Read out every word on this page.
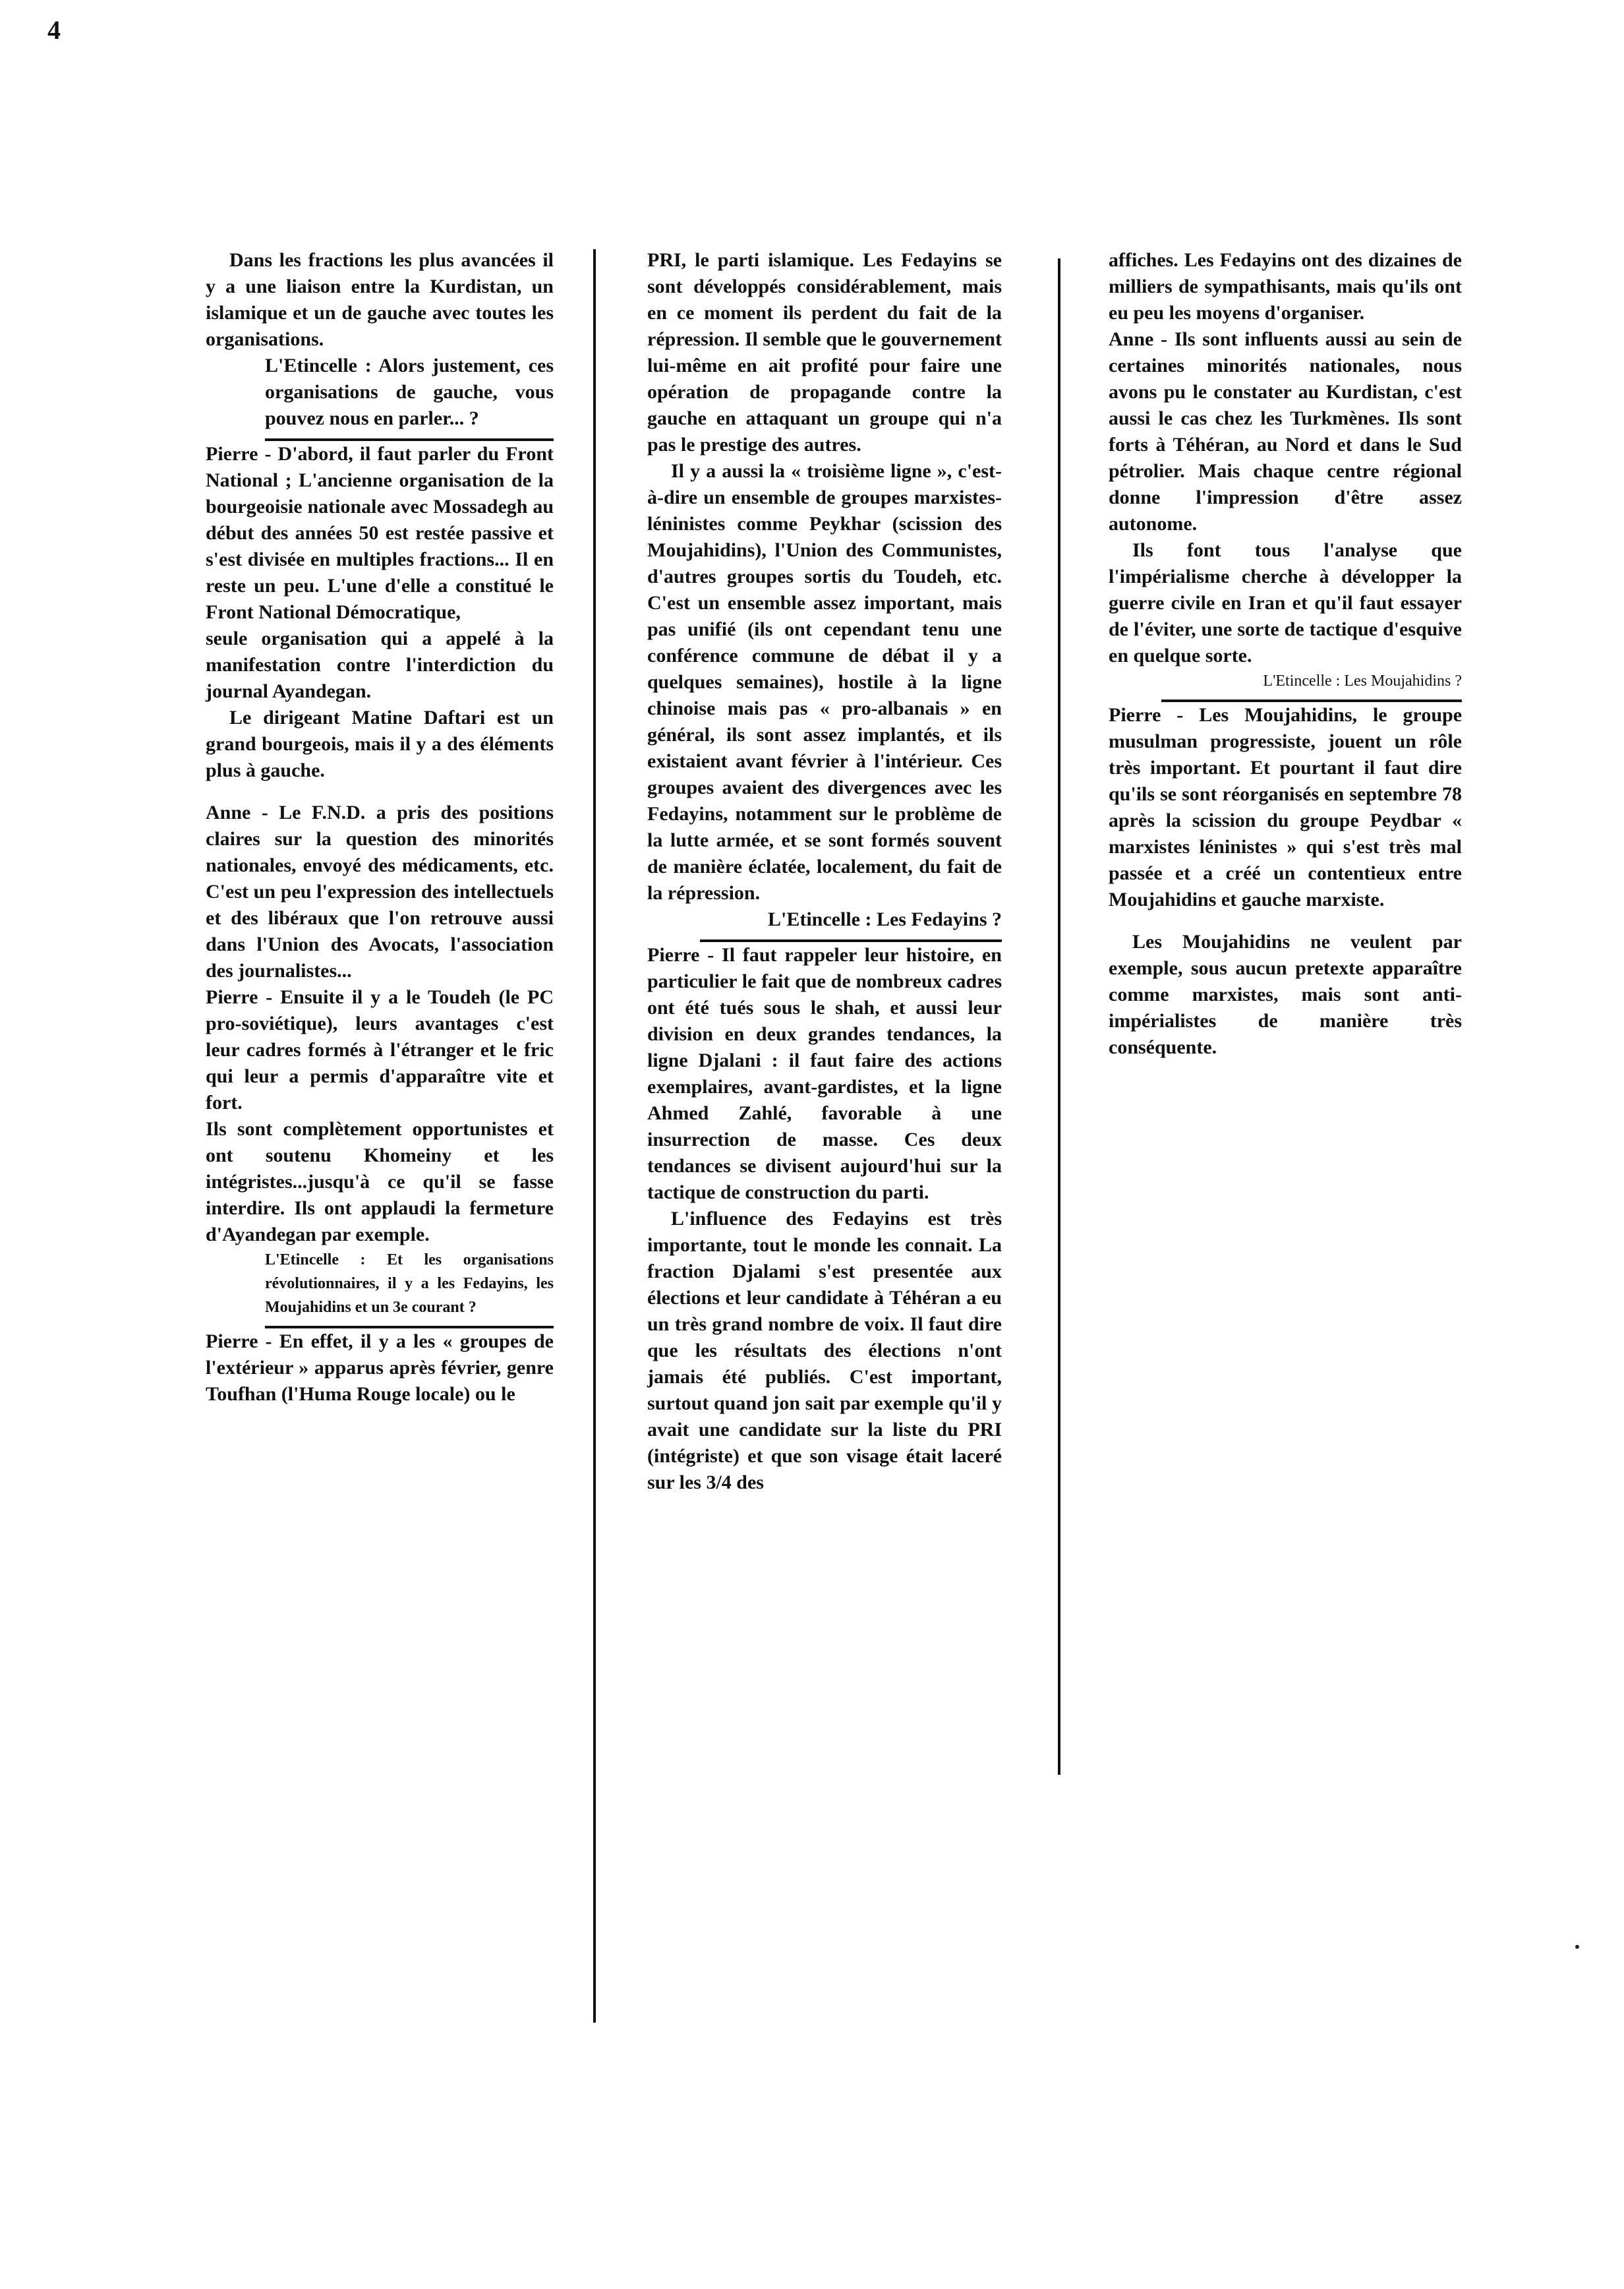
4

Dans les fractions les plus avancées il y a une liaison entre la Kurdistan, un islamique et un de gauche avec toutes les organisations.

L'Etincelle : Alors justement, ces organisations de gauche, vous pouvez nous en parler... ?

Pierre - D'abord, il faut parler du Front National ; L'ancienne organisation de la bourgeoisie nationale avec Mossadegh au début des années 50 est restée passive et s'est divisée en multiples fractions... Il en reste un peu. L'une d'elle a constitué le Front National Démocratique,

seule organisation qui a appelé à la manifestation contre l'interdiction du journal Ayandegan.

Le dirigeant Matine Daftari est un grand bourgeois, mais il y a des éléments plus à gauche.

Anne - Le F.N.D. a pris des positions claires sur la question des minorités nationales, envoyé des médicaments, etc. C'est un peu l'expression des intellectuels et des libéraux que l'on retrouve aussi dans l'Union des Avocats, l'association des journalistes...

Pierre - Ensuite il y a le Toudeh (le PC pro-soviétique), leurs avantages c'est leur cadres formés à l'étranger et le fric qui leur a permis d'apparaître vite et fort.

Ils sont complètement opportunistes et ont soutenu Khomeiny et les intégristes...jusqu'à ce qu'il se fasse interdire. Ils ont applaudi la fermeture d'Ayandegan par exemple.

L'Etincelle : Et les organisations révolutionnaires, il y a les Fedayins, les Moujahidins et un 3e courant ?

Pierre - En effet, il y a les « groupes de l'extérieur » apparus après février, genre Toufhan (l'Huma Rouge locale) ou le

PRI, le parti islamique. Les Fedayins se sont développés considérablement, mais en ce moment ils perdent du fait de la répression. Il semble que le gouvernement lui-même en ait profité pour faire une opération de propagande contre la gauche en attaquant un groupe qui n'a pas le prestige des autres.

Il y a aussi la « troisième ligne », c'est-à-dire un ensemble de groupes marxistes-léninistes comme Peykhar (scission des Moujahidins), l'Union des Communistes, d'autres groupes sortis du Toudeh, etc. C'est un ensemble assez important, mais pas unifié (ils ont cependant tenu une conférence commune de débat il y a quelques semaines), hostile à la ligne chinoise mais pas « pro-albanais » en général, ils sont assez implantés, et ils existaient avant février à l'intérieur. Ces groupes avaient des divergences avec les Fedayins, notamment sur le problème de la lutte armée, et se sont formés souvent de manière éclatée, localement, du fait de la répression.

L'Etincelle : Les Fedayins ?

Pierre - Il faut rappeler leur histoire, en particulier le fait que de nombreux cadres ont été tués sous le shah, et aussi leur division en deux grandes tendances, la ligne Djalani : il faut faire des actions exemplaires, avant-gardistes, et la ligne Ahmed Zahlé, favorable à une insurrection de masse. Ces deux tendances se divisent aujourd'hui sur la tactique de construction du parti.

L'influence des Fedayins est très importante, tout le monde les connait. La fraction Djalami s'est presentée aux élections et leur candidate à Téhéran a eu un très grand nombre de voix. Il faut dire que les résultats des élections n'ont jamais été publiés. C'est important, surtout quand jon sait par exemple qu'il y avait une candidate sur la liste du PRI (intégriste) et que son visage était laceré sur les 3/4 des

affiches. Les Fedayins ont des dizaines de milliers de sympathisants, mais qu'ils ont eu peu les moyens d'organiser.

Anne - Ils sont influents aussi au sein de certaines minorités nationales, nous avons pu le constater au Kurdistan, c'est aussi le cas chez les Turkmènes. Ils sont forts à Téhéran, au Nord et dans le Sud pétrolier. Mais chaque centre régional donne l'impression d'être assez autonome.

Ils font tous l'analyse que l'impérialisme cherche à développer la guerre civile en Iran et qu'il faut essayer de l'éviter, une sorte de tactique d'esquive en quelque sorte.

L'Etincelle : Les Moujahidins ?

Pierre - Les Moujahidins, le groupe musulman progressiste, jouent un rôle très important. Et pourtant il faut dire qu'ils se sont réorganisés en septembre 78 après la scission du groupe Peydbar « marxistes léninistes » qui s'est très mal passée et a créé un contentieux entre Moujahidins et gauche marxiste.

Les Moujahidins ne veulent par exemple, sous aucun pretexte apparaître comme marxistes, mais sont anti-impérialistes de manière très conséquente.
